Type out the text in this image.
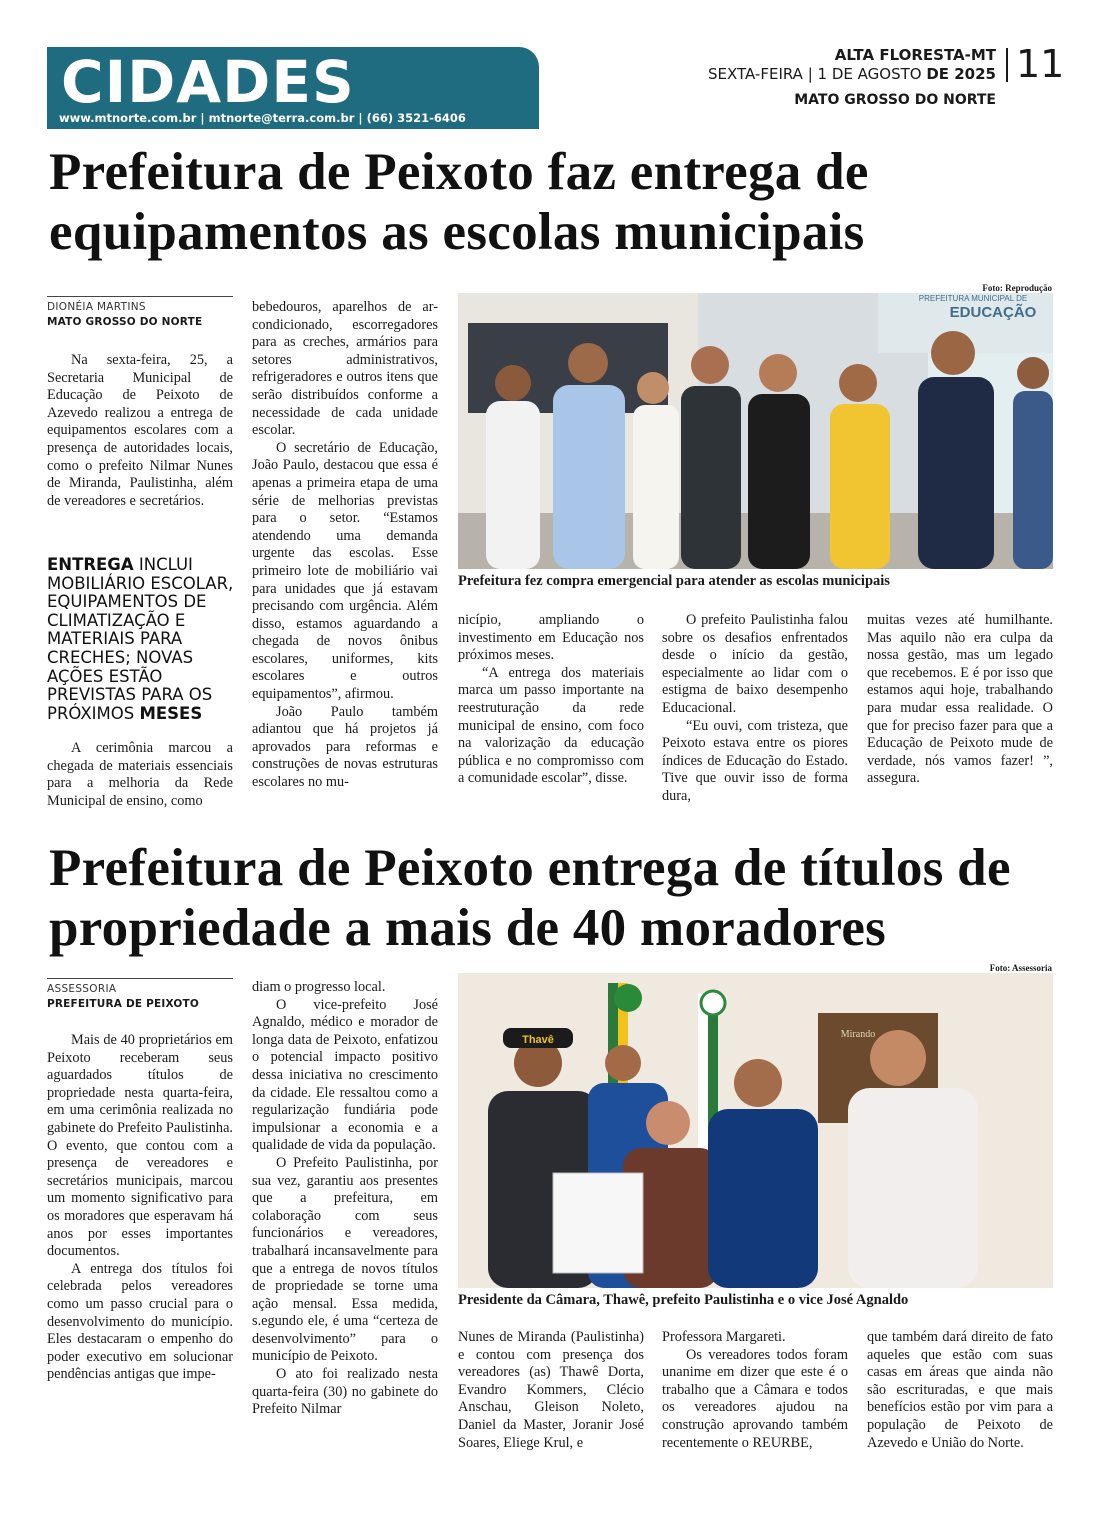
CIDADES
www.mtnorte.com.br | mtnorte@terra.com.br | (66) 3521-6406
ALTA FLORESTA-MT
SEXTA-FEIRA | 1 DE AGOSTO DE 2025
MATO GROSSO DO NORTE
11
Prefeitura de Peixoto faz entrega de
equipamentos as escolas municipais
DIONÉIA MARTINS
MATO GROSSO DO NORTE

Na sexta-feira, 25, a Secretaria Municipal de Educação de Peixoto de Azevedo realizou a entrega de equipamentos escolares com a presença de autoridades locais, como o prefeito Nilmar Nunes de Miranda, Paulistinha, além de vereadores e secretários.

ENTREGA INCLUI MOBILIÁRIO ESCOLAR, EQUIPAMENTOS DE CLIMATIZAÇÃO E MATERIAIS PARA CRECHES; NOVAS AÇÕES ESTÃO PREVISTAS PARA OS PRÓXIMOS MESES

A cerimônia marcou a chegada de materiais essenciais para a melhoria da Rede Municipal de ensino, como

bebedouros, aparelhos de ar-condicionado, escorregadores para as creches, armários para setores administrativos, refrigeradores e outros itens que serão distribuídos conforme a necessidade de cada unidade escolar.

O secretário de Educação, João Paulo, destacou que essa é apenas a primeira etapa de uma série de melhorias previstas para o setor. “Estamos atendendo uma demanda urgente das escolas. Esse primeiro lote de mobiliário vai para unidades que já estavam precisando com urgência. Além disso, estamos aguardando a chegada de novos ônibus escolares, uniformes, kits escolares e outros equipamentos”, afirmou.

João Paulo também adiantou que há projetos já aprovados para reformas e construções de novas estruturas escolares no mu-

Foto: Reprodução
PREFEITURA MUNICIPAL DE
EDUCAÇÃO
Prefeitura fez compra emergencial para atender as escolas municipais

nicípio, ampliando o investimento em Educação nos próximos meses.

“A entrega dos materiais marca um passo importante na reestruturação da rede municipal de ensino, com foco na valorização da educação pública e no compromisso com a comunidade escolar”, disse.

O prefeito Paulistinha falou sobre os desafios enfrentados desde o início da gestão, especialmente ao lidar com o estigma de baixo desempenho Educacional.

“Eu ouvi, com tristeza, que Peixoto estava entre os piores índices de Educação do Estado. Tive que ouvir isso de forma dura,

muitas vezes até humilhante. Mas aquilo não era culpa da nossa gestão, mas um legado que recebemos. E é por isso que estamos aqui hoje, trabalhando para mudar essa realidade. O que for preciso fazer para que a Educação de Peixoto mude de verdade, nós vamos fazer! ”, assegura.

Prefeitura de Peixoto entrega de títulos de
propriedade a mais de 40 moradores
ASSESSORIA
PREFEITURA DE PEIXOTO

Mais de 40 proprietários em Peixoto receberam seus aguardados títulos de propriedade nesta quarta-feira, em uma cerimônia realizada no gabinete do Prefeito Paulistinha. O evento, que contou com a presença de vereadores e secretários municipais, marcou um momento significativo para os moradores que esperavam há anos por esses importantes documentos.

A entrega dos títulos foi celebrada pelos vereadores como um passo crucial para o desenvolvimento do município. Eles destacaram o empenho do poder executivo em solucionar pendências antigas que impe-

diam o progresso local.

O vice-prefeito José Agnaldo, médico e morador de longa data de Peixoto, enfatizou o potencial impacto positivo dessa iniciativa no crescimento da cidade. Ele ressaltou como a regularização fundiária pode impulsionar a economia e a qualidade de vida da população.

O Prefeito Paulistinha, por sua vez, garantiu aos presentes que a prefeitura, em colaboração com seus funcionários e vereadores, trabalhará incansavelmente para que a entrega de novos títulos de propriedade se torne uma ação mensal. Essa medida, s.egundo ele, é uma “certeza de desenvolvimento” para o município de Peixoto.

O ato foi realizado nesta quarta-feira (30) no gabinete do Prefeito Nilmar

Foto: Assessoria
Mirando
Thavê
Presidente da Câmara, Thawê, prefeito Paulistinha e o vice José Agnaldo

Nunes de Miranda (Paulistinha) e contou com presença dos vereadores (as) Thawê Dorta, Evandro Kommers, Clécio Anschau, Gleison Noleto, Daniel da Master, Joranir José Soares, Eliege Krul, e

Professora Margareti.

Os vereadores todos foram unanime em dizer que este é o trabalho que a Câmara e todos os vereadores ajudou na construção aprovando também recentemente o REURBE,

que também dará direito de fato aqueles que estão com suas casas em áreas que ainda não são escrituradas, e que mais benefícios estão por vim para a população de Peixoto de Azevedo e União do Norte.
